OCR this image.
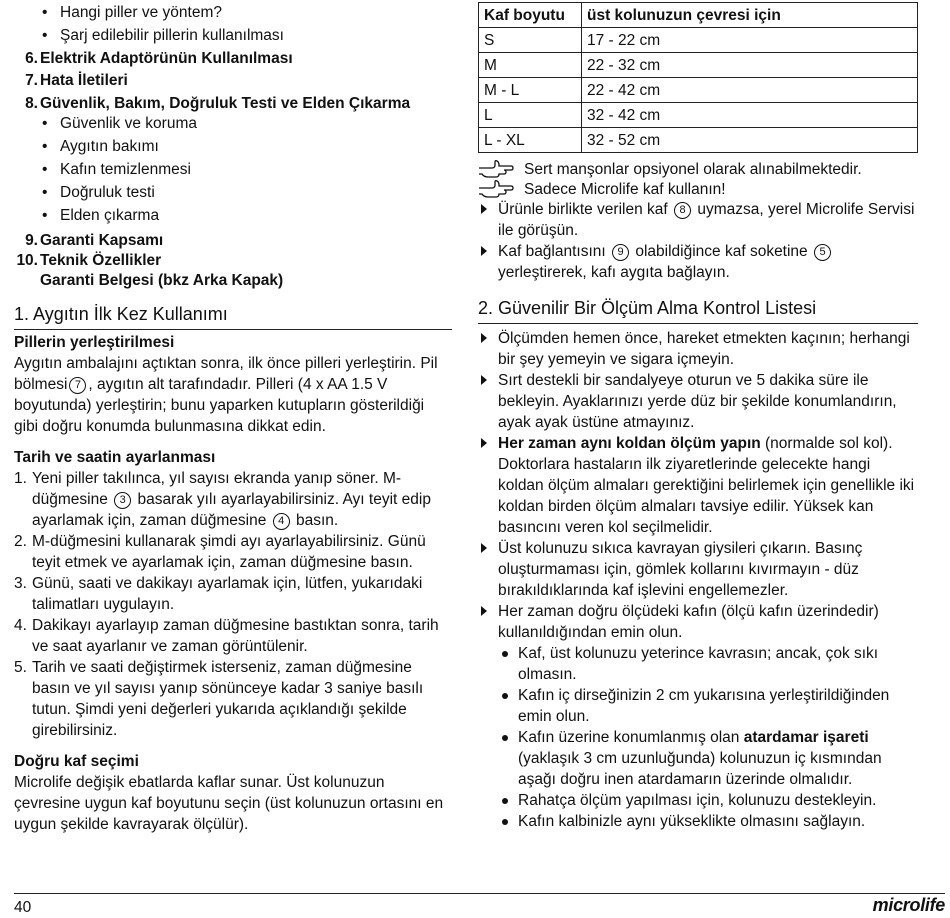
• Hangi piller ve yöntem?
• Şarj edilebilir pillerin kullanılması
6. Elektrik Adaptörünün Kullanılması
7. Hata İletileri
8. Güvenlik, Bakım, Doğruluk Testi ve Elden Çıkarma
• Güvenlik ve koruma
• Aygıtın bakımı
• Kafın temizlenmesi
• Doğruluk testi
• Elden çıkarma
9. Garanti Kapsamı
10. Teknik Özellikler
Garanti Belgesi (bkz Arka Kapak)
1. Aygıtın İlk Kez Kullanımı

Pillerin yerleştirilmesi

Aygıtın ambalajını açtıktan sonra, ilk önce pilleri yerleştirin. Pil bölmesi 7 , aygıtın alt tarafındadır. Pilleri (4 x AA 1.5 V boyutunda) yerleştirin; bunu yaparken kutupların gösterildiği gibi doğru konumda bulunmasına dikkat edin.

Tarih ve saatin ayarlanması

1. Yeni piller takılınca, yıl sayısı ekranda yanıp söner. M-düğmesine 3 basarak yılı ayarlayabilirsiniz. Ayı teyit edip ayarlamak için, zaman düğmesine 4 basın.
2. M-düğmesini kullanarak şimdi ayı ayarlayabilirsiniz. Günü teyit etmek ve ayarlamak için, zaman düğmesine basın.
3. Günü, saati ve dakikayı ayarlamak için, lütfen, yukarıdaki talimatları uygulayın.
4. Dakikayı ayarlayıp zaman düğmesine bastıktan sonra, tarih ve saat ayarlanır ve zaman görüntülenir.
5. Tarih ve saati değiştirmek isterseniz, zaman düğmesine basın ve yıl sayısı yanıp sönünceye kadar 3 saniye basılı tutun. Şimdi yeni değerleri yukarıda açıklandığı şekilde girebilirsiniz.

Doğru kaf seçimi

Microlife değişik ebatlarda kaflar sunar. Üst kolunuzun çevresine uygun kaf boyutunu seçin (üst kolunuzun ortasını en uygun şekilde kavrayarak ölçülür).

Kaf boyutu	üst kolunuzun çevresi için
S	17 - 22 cm
M	22 - 32 cm
M - L	22 - 42 cm
L	32 - 42 cm
L - XL	32 - 52 cm
Sert manşonlar opsiyonel olarak alınabilmektedir.
Sadece Microlife kaf kullanın!
Ürünle birlikte verilen kaf 8 uymazsa, yerel Microlife Servisi ile görüşün.
Kaf bağlantısını 9 olabildiğince kaf soketine 5 yerleştirerek, kafı aygıta bağlayın.
2. Güvenilir Bir Ölçüm Alma Kontrol Listesi
Ölçümden hemen önce, hareket etmekten kaçının; herhangi bir şey yemeyin ve sigara içmeyin.
Sırt destekli bir sandalyeye oturun ve 5 dakika süre ile bekleyin. Ayaklarınızı yerde düz bir şekilde konumlandırın, ayak ayak üstüne atmayınız.
Her zaman aynı koldan ölçüm yapın (normalde sol kol). Doktorlara hastaların ilk ziyaretlerinde gelecekte hangi koldan ölçüm almaları gerektiğini belirlemek için genellikle iki koldan birden ölçüm almaları tavsiye edilir. Yüksek kan basıncını veren kol seçilmelidir.
Üst kolunuzu sıkıca kavrayan giysileri çıkarın. Basınç oluşturmaması için, gömlek kollarını kıvırmayın - düz bırakıldıklarında kaf işlevini engellemezler.
Her zaman doğru ölçüdeki kafın (ölçü kafın üzerindedir) kullanıldığından emin olun.
Kaf, üst kolunuzu yeterince kavrasın; ancak, çok sıkı olmasın.
Kafın iç dirseğinizin 2 cm yukarısına yerleştirildiğinden emin olun.
Kafın üzerine konumlanmış olan atardamar işareti (yaklaşık 3 cm uzunluğunda) kolunuzun iç kısmından aşağı doğru inen atardamarın üzerinde olmalıdır.
Rahatça ölçüm yapılması için, kolunuzu destekleyin.
Kafın kalbinizle aynı yükseklikte olmasını sağlayın.
40	microlife
